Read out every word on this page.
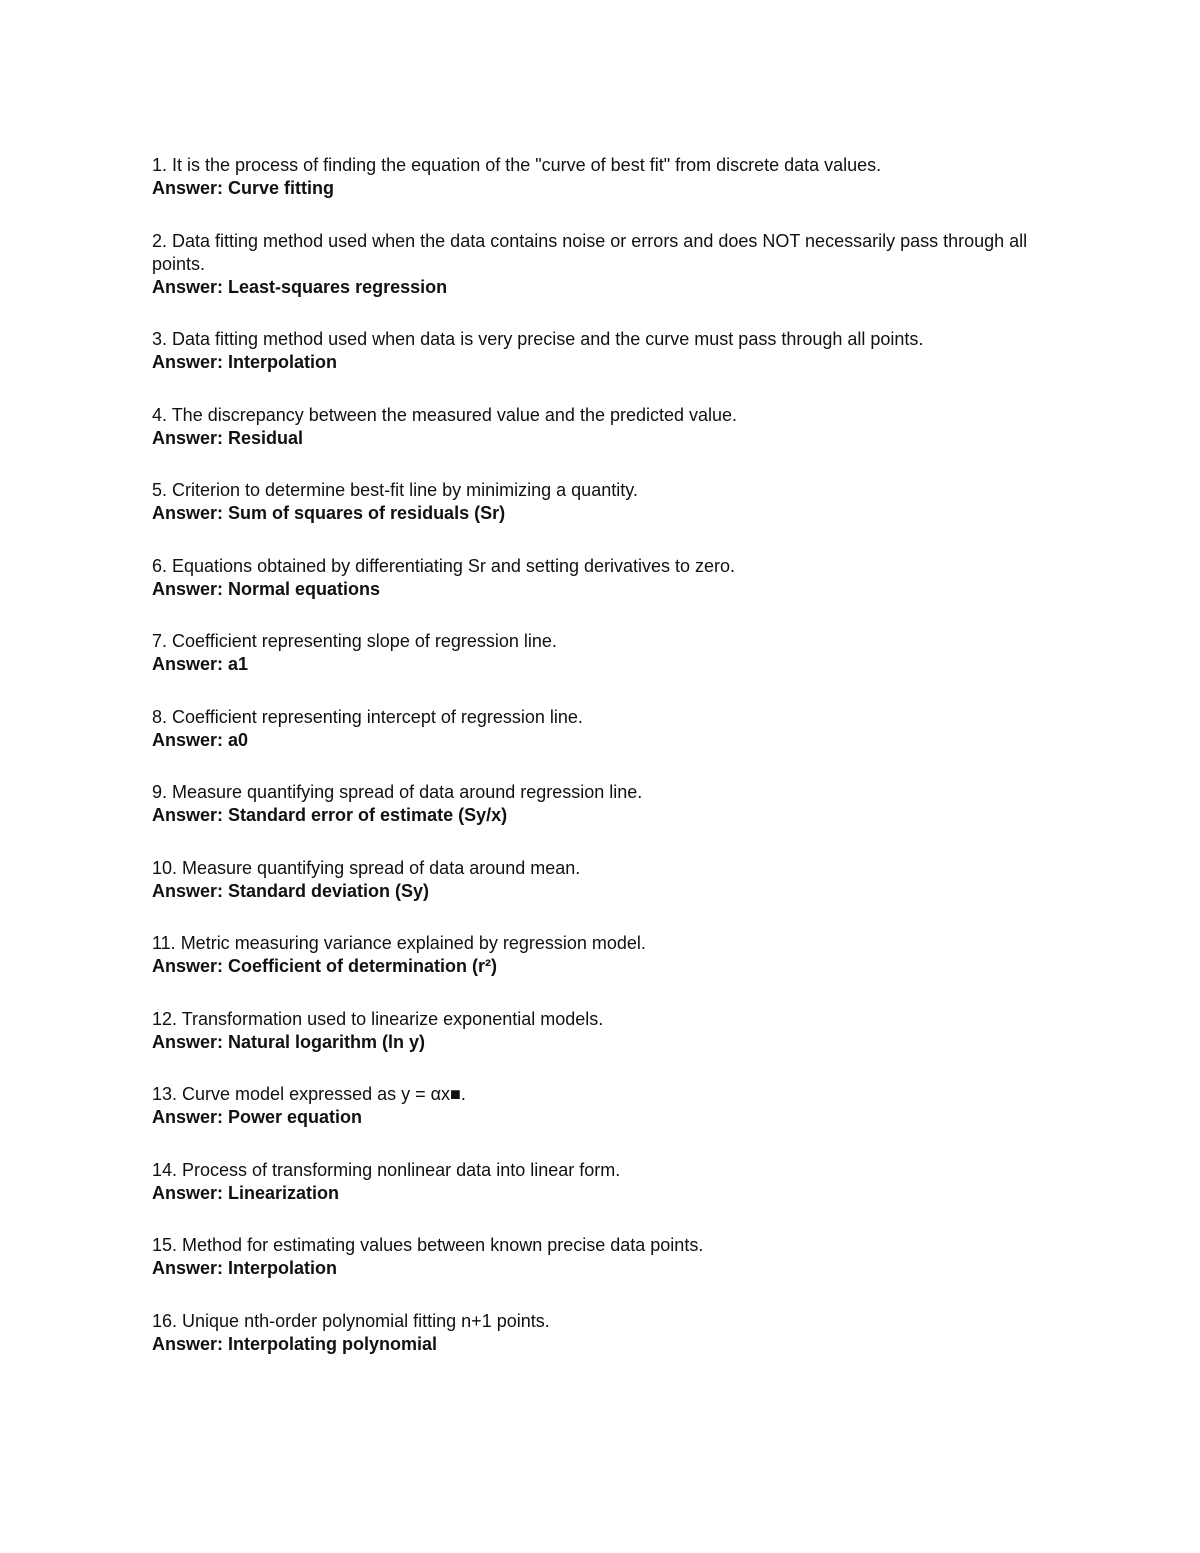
1. It is the process of finding the equation of the "curve of best fit" from discrete data values.
Answer: Curve fitting
2. Data fitting method used when the data contains noise or errors and does NOT necessarily pass through all points.
Answer: Least-squares regression
3. Data fitting method used when data is very precise and the curve must pass through all points.
Answer: Interpolation
4. The discrepancy between the measured value and the predicted value.
Answer: Residual
5. Criterion to determine best-fit line by minimizing a quantity.
Answer: Sum of squares of residuals (Sr)
6. Equations obtained by differentiating Sr and setting derivatives to zero.
Answer: Normal equations
7. Coefficient representing slope of regression line.
Answer: a1
8. Coefficient representing intercept of regression line.
Answer: a0
9. Measure quantifying spread of data around regression line.
Answer: Standard error of estimate (Sy/x)
10. Measure quantifying spread of data around mean.
Answer: Standard deviation (Sy)
11. Metric measuring variance explained by regression model.
Answer: Coefficient of determination (r²)
12. Transformation used to linearize exponential models.
Answer: Natural logarithm (ln y)
13. Curve model expressed as y = αx■.
Answer: Power equation
14. Process of transforming nonlinear data into linear form.
Answer: Linearization
15. Method for estimating values between known precise data points.
Answer: Interpolation
16. Unique nth-order polynomial fitting n+1 points.
Answer: Interpolating polynomial
